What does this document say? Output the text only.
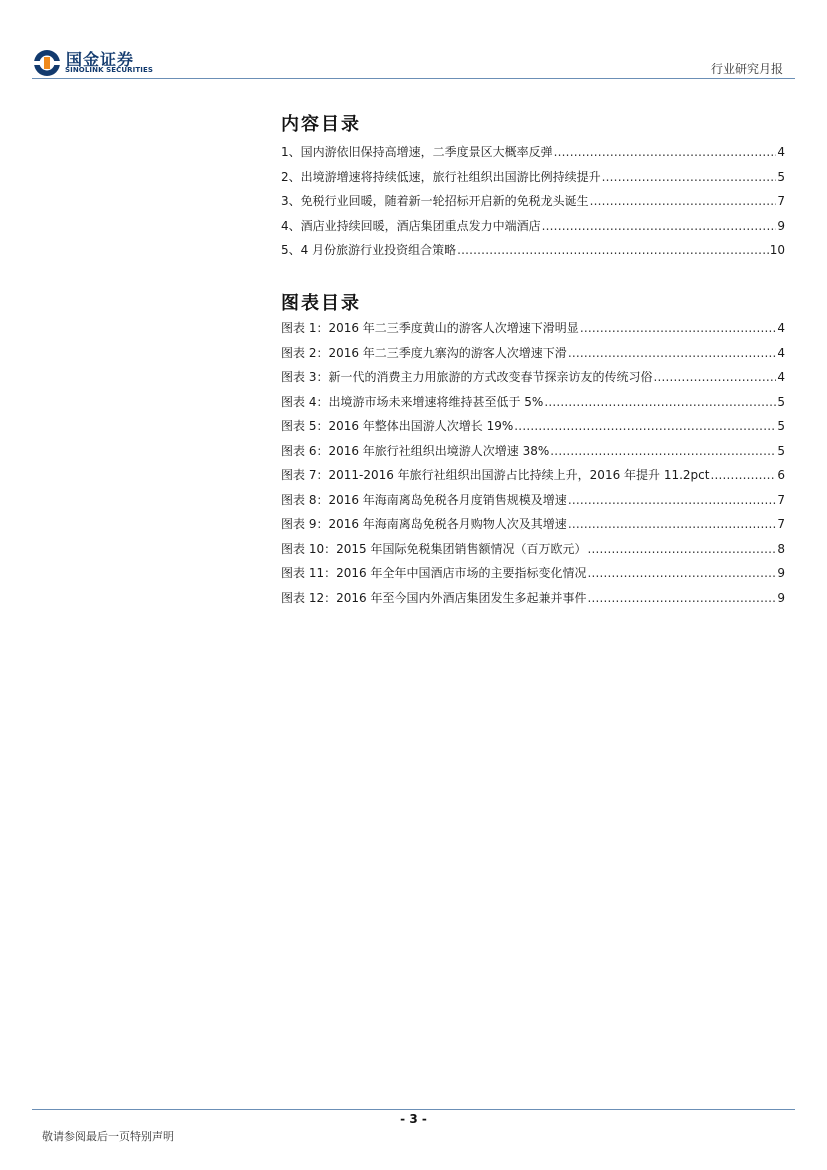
国金证券
SINOLINK SECURITIES	行业研究月报
内容目录
1、国内游依旧保持高增速，二季度景区大概率反弹 .....	4
2、出境游增速将持续低速，旅行社组织出国游比例持续提升 .....	5
3、免税行业回暖，随着新一轮招标开启新的免税龙头诞生 .....	7
4、酒店业持续回暖，酒店集团重点发力中端酒店 .....	9
5、4 月份旅游行业投资组合策略 .....	10
图表目录
图表 1：2016 年二三季度黄山的游客人次增速下滑明显 .....	4
图表 2：2016 年二三季度九寨沟的游客人次增速下滑 .....	4
图表 3：新一代的消费主力用旅游的方式改变春节探亲访友的传统习俗 .....	4
图表 4：出境游市场未来增速将维持甚至低于 5% .....	5
图表 5：2016 年整体出国游人次增长 19% .....	5
图表 6：2016 年旅行社组织出境游人次增速 38% .....	5
图表 7：2011-2016 年旅行社组织出国游占比持续上升，2016 年提升 11.2pct .....	6
图表 8：2016 年海南离岛免税各月度销售规模及增速 .....	7
图表 9：2016 年海南离岛免税各月购物人次及其增速 .....	7
图表 10：2015 年国际免税集团销售额情况（百万欧元） .....	8
图表 11：2016 年全年中国酒店市场的主要指标变化情况 .....	9
图表 12：2016 年至今国内外酒店集团发生多起兼并事件 .....	9
- 3 -
敬请参阅最后一页特别声明
